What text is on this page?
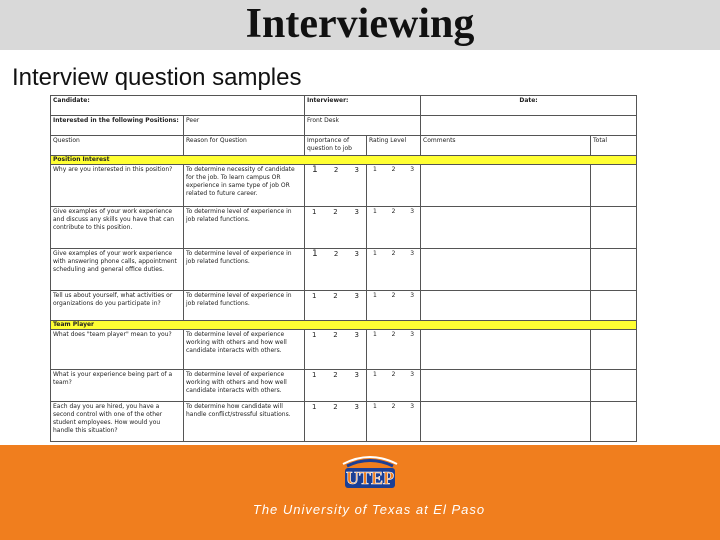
Interviewing
Interview question samples
Candidate:		Interviewer:		Date:	
Interested in the following Positions:	Peer	Front Desk			
Question	Reason for Question	Importance of question to job	Rating Level	Comments	Total
Position Interest					
Why are you interested in this position?	To determine necessity of candidate for the job. To learn campus OR experience in same type of job OR related to future career.	1 2 3	1 2 3		

Give examples of your work experience and discuss any skills you have that can contribute to this position.	To determine level of experience in job related functions.	1 2 3	1 2 3		

Give examples of your work experience with answering phone calls, appointment scheduling and general office duties.	To determine level of experience in job related functions.	1 2 3	1 2 3		

Tell us about yourself, what activities or organizations do you participate in?	To determine level of experience in job related functions.	1 2 3	1 2 3		

Team Player					
What does "team player" mean to you?	To determine level of experience working with others and how well candidate interacts with others.	1 2 3	1 2 3		

What is your experience being part of a team?	To determine level of experience working with others and how well candidate interacts with others.	1 2 3	1 2 3		

Each day you are hired, you have a second control with one of the other student employees. How would you handle this situation?	To determine how candidate will handle conflict/stressful situations.	1 2 3	1 2 3		

UTEP
The University of Texas at El Paso
